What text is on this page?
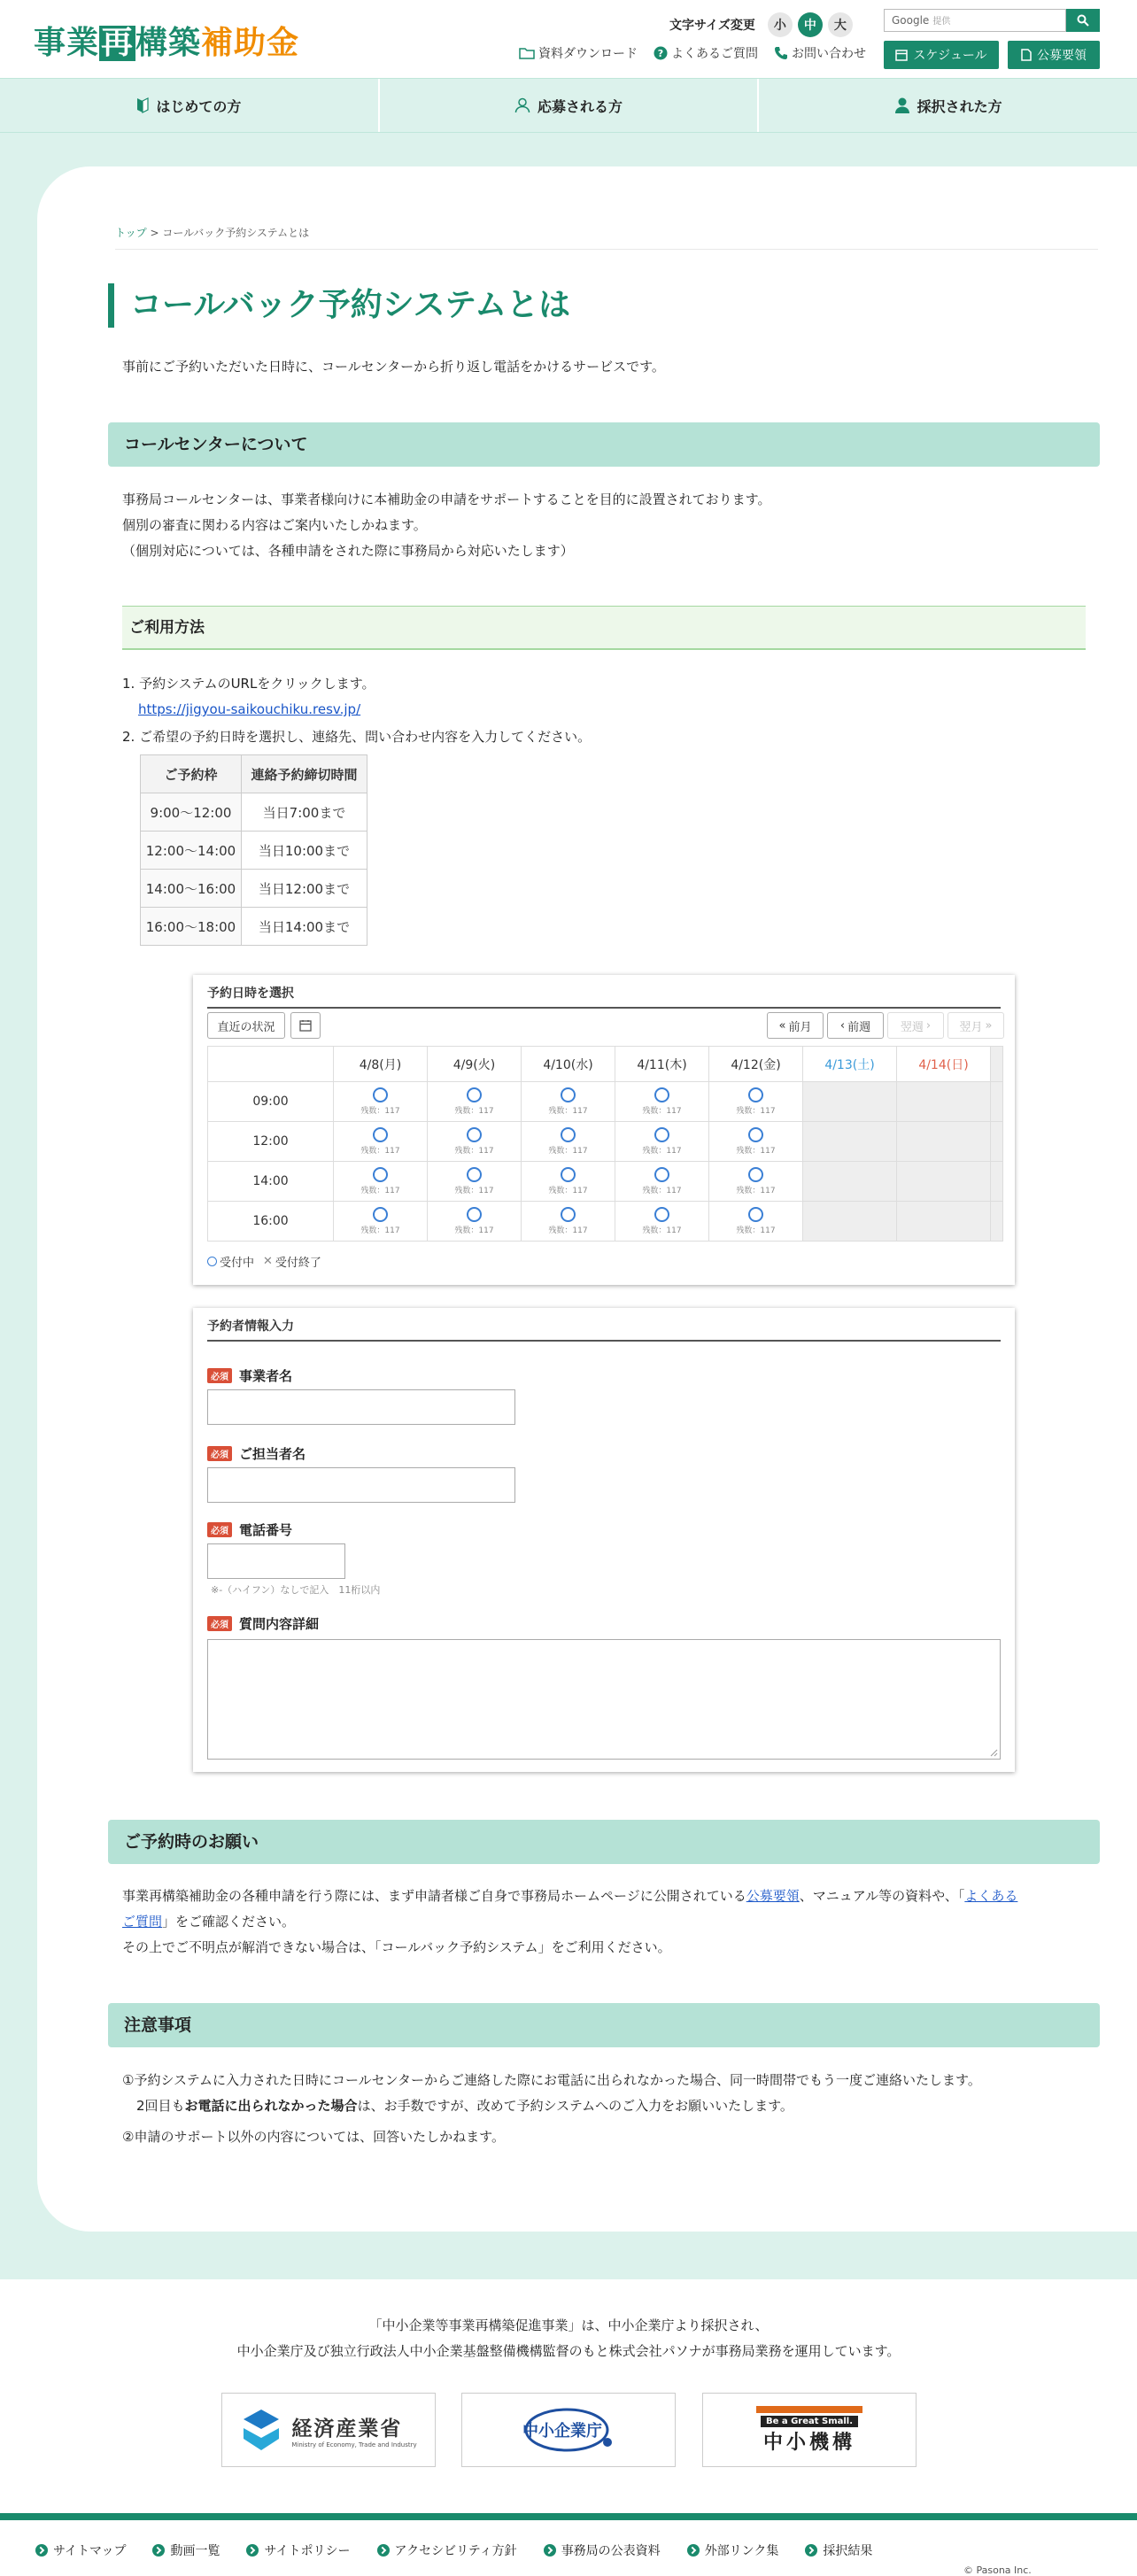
事業再構築補助金	文字サイズ変更	小	中	大	Google 提供
資料ダウンロード ? よくあるご質問	お問い合わせ	スケジュール	公募要領
はじめての方	応募される方	採択された方
トップ > コールバック予約システムとは
コールバック予約システムとは
事前にご予約いただいた日時に、コールセンターから折り返し電話をかけるサービスです。
コールセンターについて
事務局コールセンターは、事業者様向けに本補助金の申請をサポートすることを目的に設置されております。
個別の審査に関わる内容はご案内いたしかねます。
（個別対応については、各種申請をされた際に事務局から対応いたします）
ご利用方法
1. 予約システムのURLをクリックします。
https://jigyou-saikouchiku.resv.jp/
2. ご希望の予約日時を選択し、連絡先、問い合わせ内容を入力してください。
ご予約枠	連絡予約締切時間
9:00～12:00	当日7:00まで
12:00～14:00	当日10:00まで
14:00～16:00	当日12:00まで
16:00～18:00	当日14:00まで
予約日時を選択
直近の状況	« 前月 ‹ 前週	翌週 › 翌月 »
	4/8(月)	4/9(火)	4/10(水)	4/11(木)	4/12(金)	4/13(土)	4/14(日)	
09:00	残数：117	残数：117	残数：117	残数：117	残数：117			

12:00	残数：117	残数：117	残数：117	残数：117	残数：117			

14:00	残数：117	残数：117	残数：117	残数：117	残数：117			

16:00	残数：117	残数：117	残数：117	残数：117	残数：117			

受付中 ✕ 受付終了
予約者情報入力
必須 事業者名
必須 ご担当者名
必須 電話番号
※-（ハイフン）なしで記入　11桁以内
必須 質問内容詳細
ご予約時のお願い
事業再構築補助金の各種申請を行う際には、まず申請者様ご自身で事務局ホームページに公開されている公募要領、マニュアル等の資料や、「よくある
ご質問」をご確認ください。
その上でご不明点が解消できない場合は、「コールバック予約システム」をご利用ください。
注意事項
①予約システムに入力された日時にコールセンターからご連絡した際にお電話に出られなかった場合、同一時間帯でもう一度ご連絡いたします。
2回目もお電話に出られなかった場合は、お手数ですが、改めて予約システムへのご入力をお願いいたします。
②申請のサポート以外の内容については、回答いたしかねます。
「中小企業等事業再構築促進事業」は、中小企業庁より採択され、
中小企業庁及び独立行政法人中小企業基盤整備機構監督のもと株式会社パソナが事務局業務を運用しています。
経済産業省
Ministry of Economy, Trade and Industry
中小企業庁
Be a Great Small.
中小機構
サイトマップ	動画一覧	サイトポリシー	アクセシビリティ方針	事務局の公表資料	外部リンク集	採択結果
© Pasona Inc.
